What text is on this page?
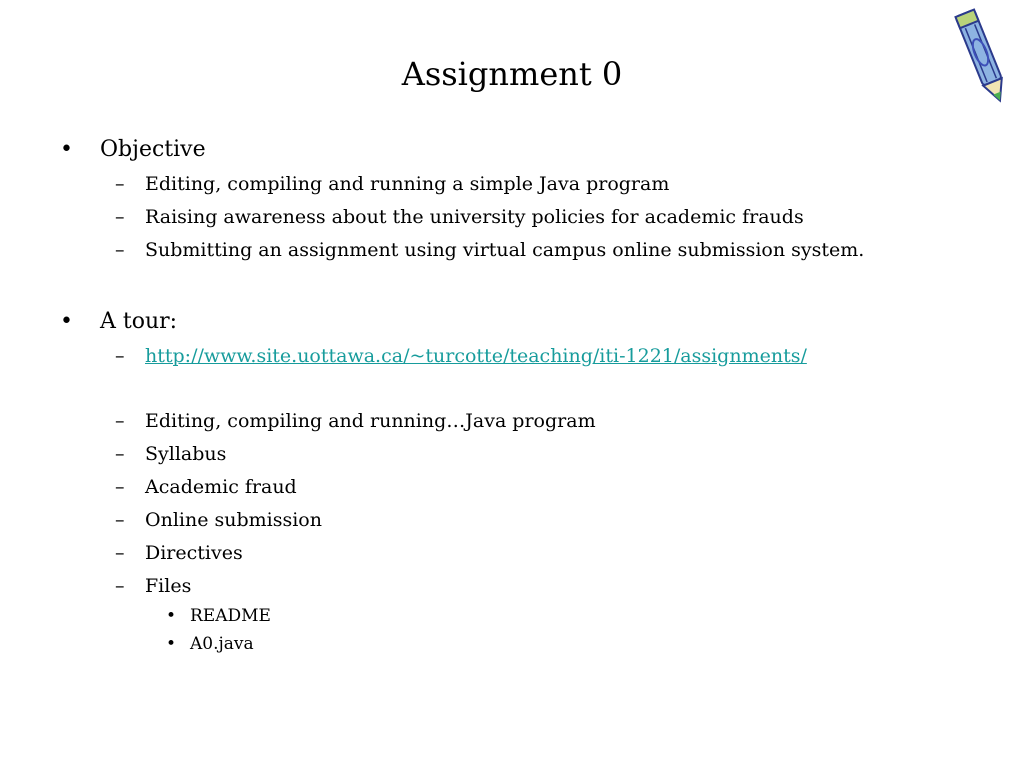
Assignment 0
• Objective
– Editing, compiling and running a simple Java program
– Raising awareness about the university policies for academic frauds
– Submitting an assignment using virtual campus online submission system.
• A tour:
– http://www.site.uottawa.ca/~turcotte/teaching/iti-1221/assignments/
– Editing, compiling and running…Java program
– Syllabus
– Academic fraud
– Online submission
– Directives
– Files
• README
• A0.java
